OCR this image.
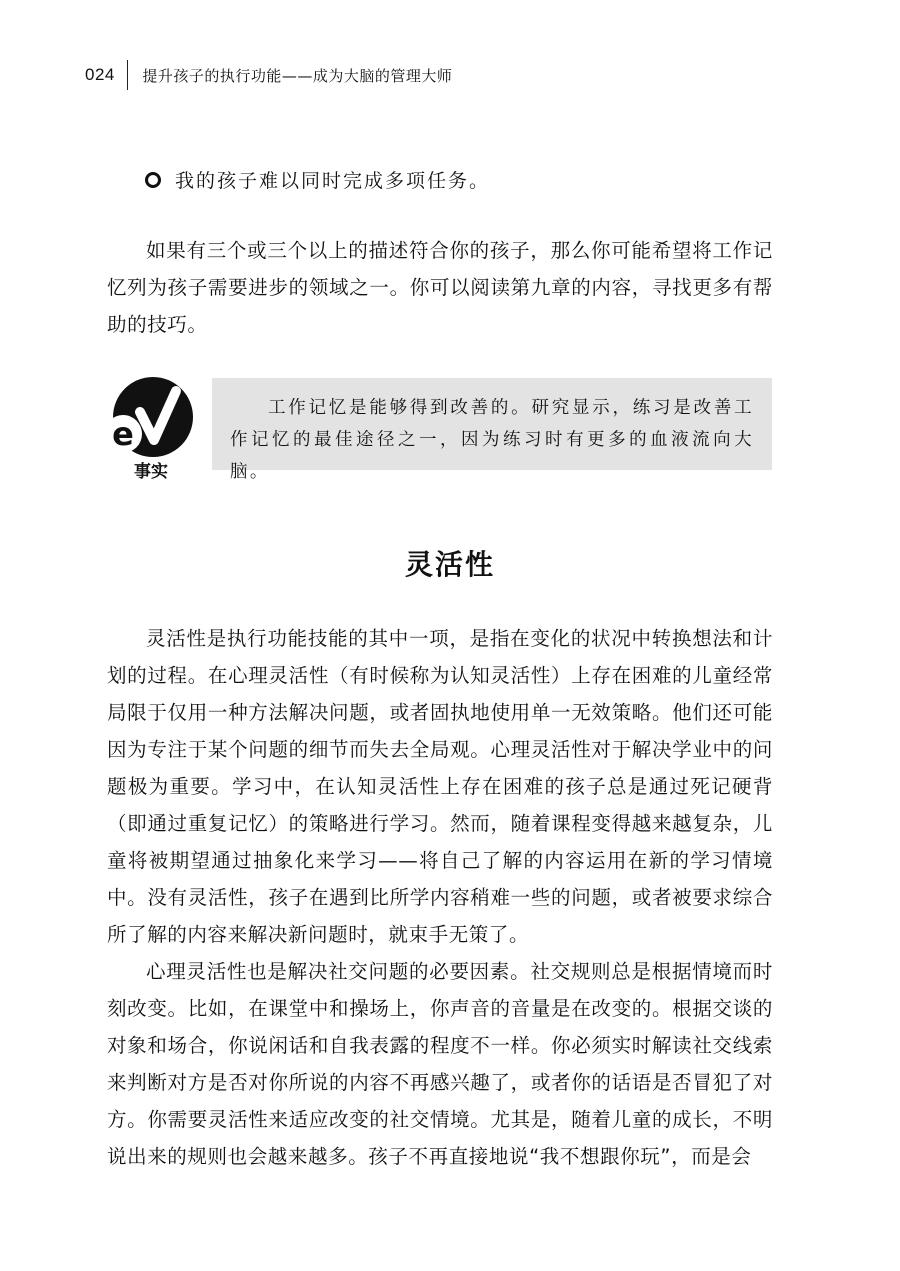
024 提升孩子的执行功能——成为大脑的管理大师
我的孩子难以同时完成多项任务。

如果有三个或三个以上的描述符合你的孩子，那么你可能希望将工作记忆列为孩子需要进步的领域之一。你可以阅读第九章的内容，寻找更多有帮助的技巧。

e
事实

工作记忆是能够得到改善的。研究显示，练习是改善工作记忆的最佳途径之一，因为练习时有更多的血液流向大脑。

灵活性

灵活性是执行功能技能的其中一项，是指在变化的状况中转换想法和计划的过程。在心理灵活性（有时候称为认知灵活性）上存在困难的儿童经常局限于仅用一种方法解决问题，或者固执地使用单一无效策略。他们还可能因为专注于某个问题的细节而失去全局观。心理灵活性对于解决学业中的问题极为重要。学习中，在认知灵活性上存在困难的孩子总是通过死记硬背（即通过重复记忆）的策略进行学习。然而，随着课程变得越来越复杂，儿童将被期望通过抽象化来学习——将自己了解的内容运用在新的学习情境中。没有灵活性，孩子在遇到比所学内容稍难一些的问题，或者被要求综合所了解的内容来解决新问题时，就束手无策了。

心理灵活性也是解决社交问题的必要因素。社交规则总是根据情境而时刻改变。比如，在课堂中和操场上，你声音的音量是在改变的。根据交谈的对象和场合，你说闲话和自我表露的程度不一样。你必须实时解读社交线索来判断对方是否对你所说的内容不再感兴趣了，或者你的话语是否冒犯了对方。你需要灵活性来适应改变的社交情境。尤其是，随着儿童的成长，不明说出来的规则也会越来越多。孩子不再直接地说“我不想跟你玩”，而是会
